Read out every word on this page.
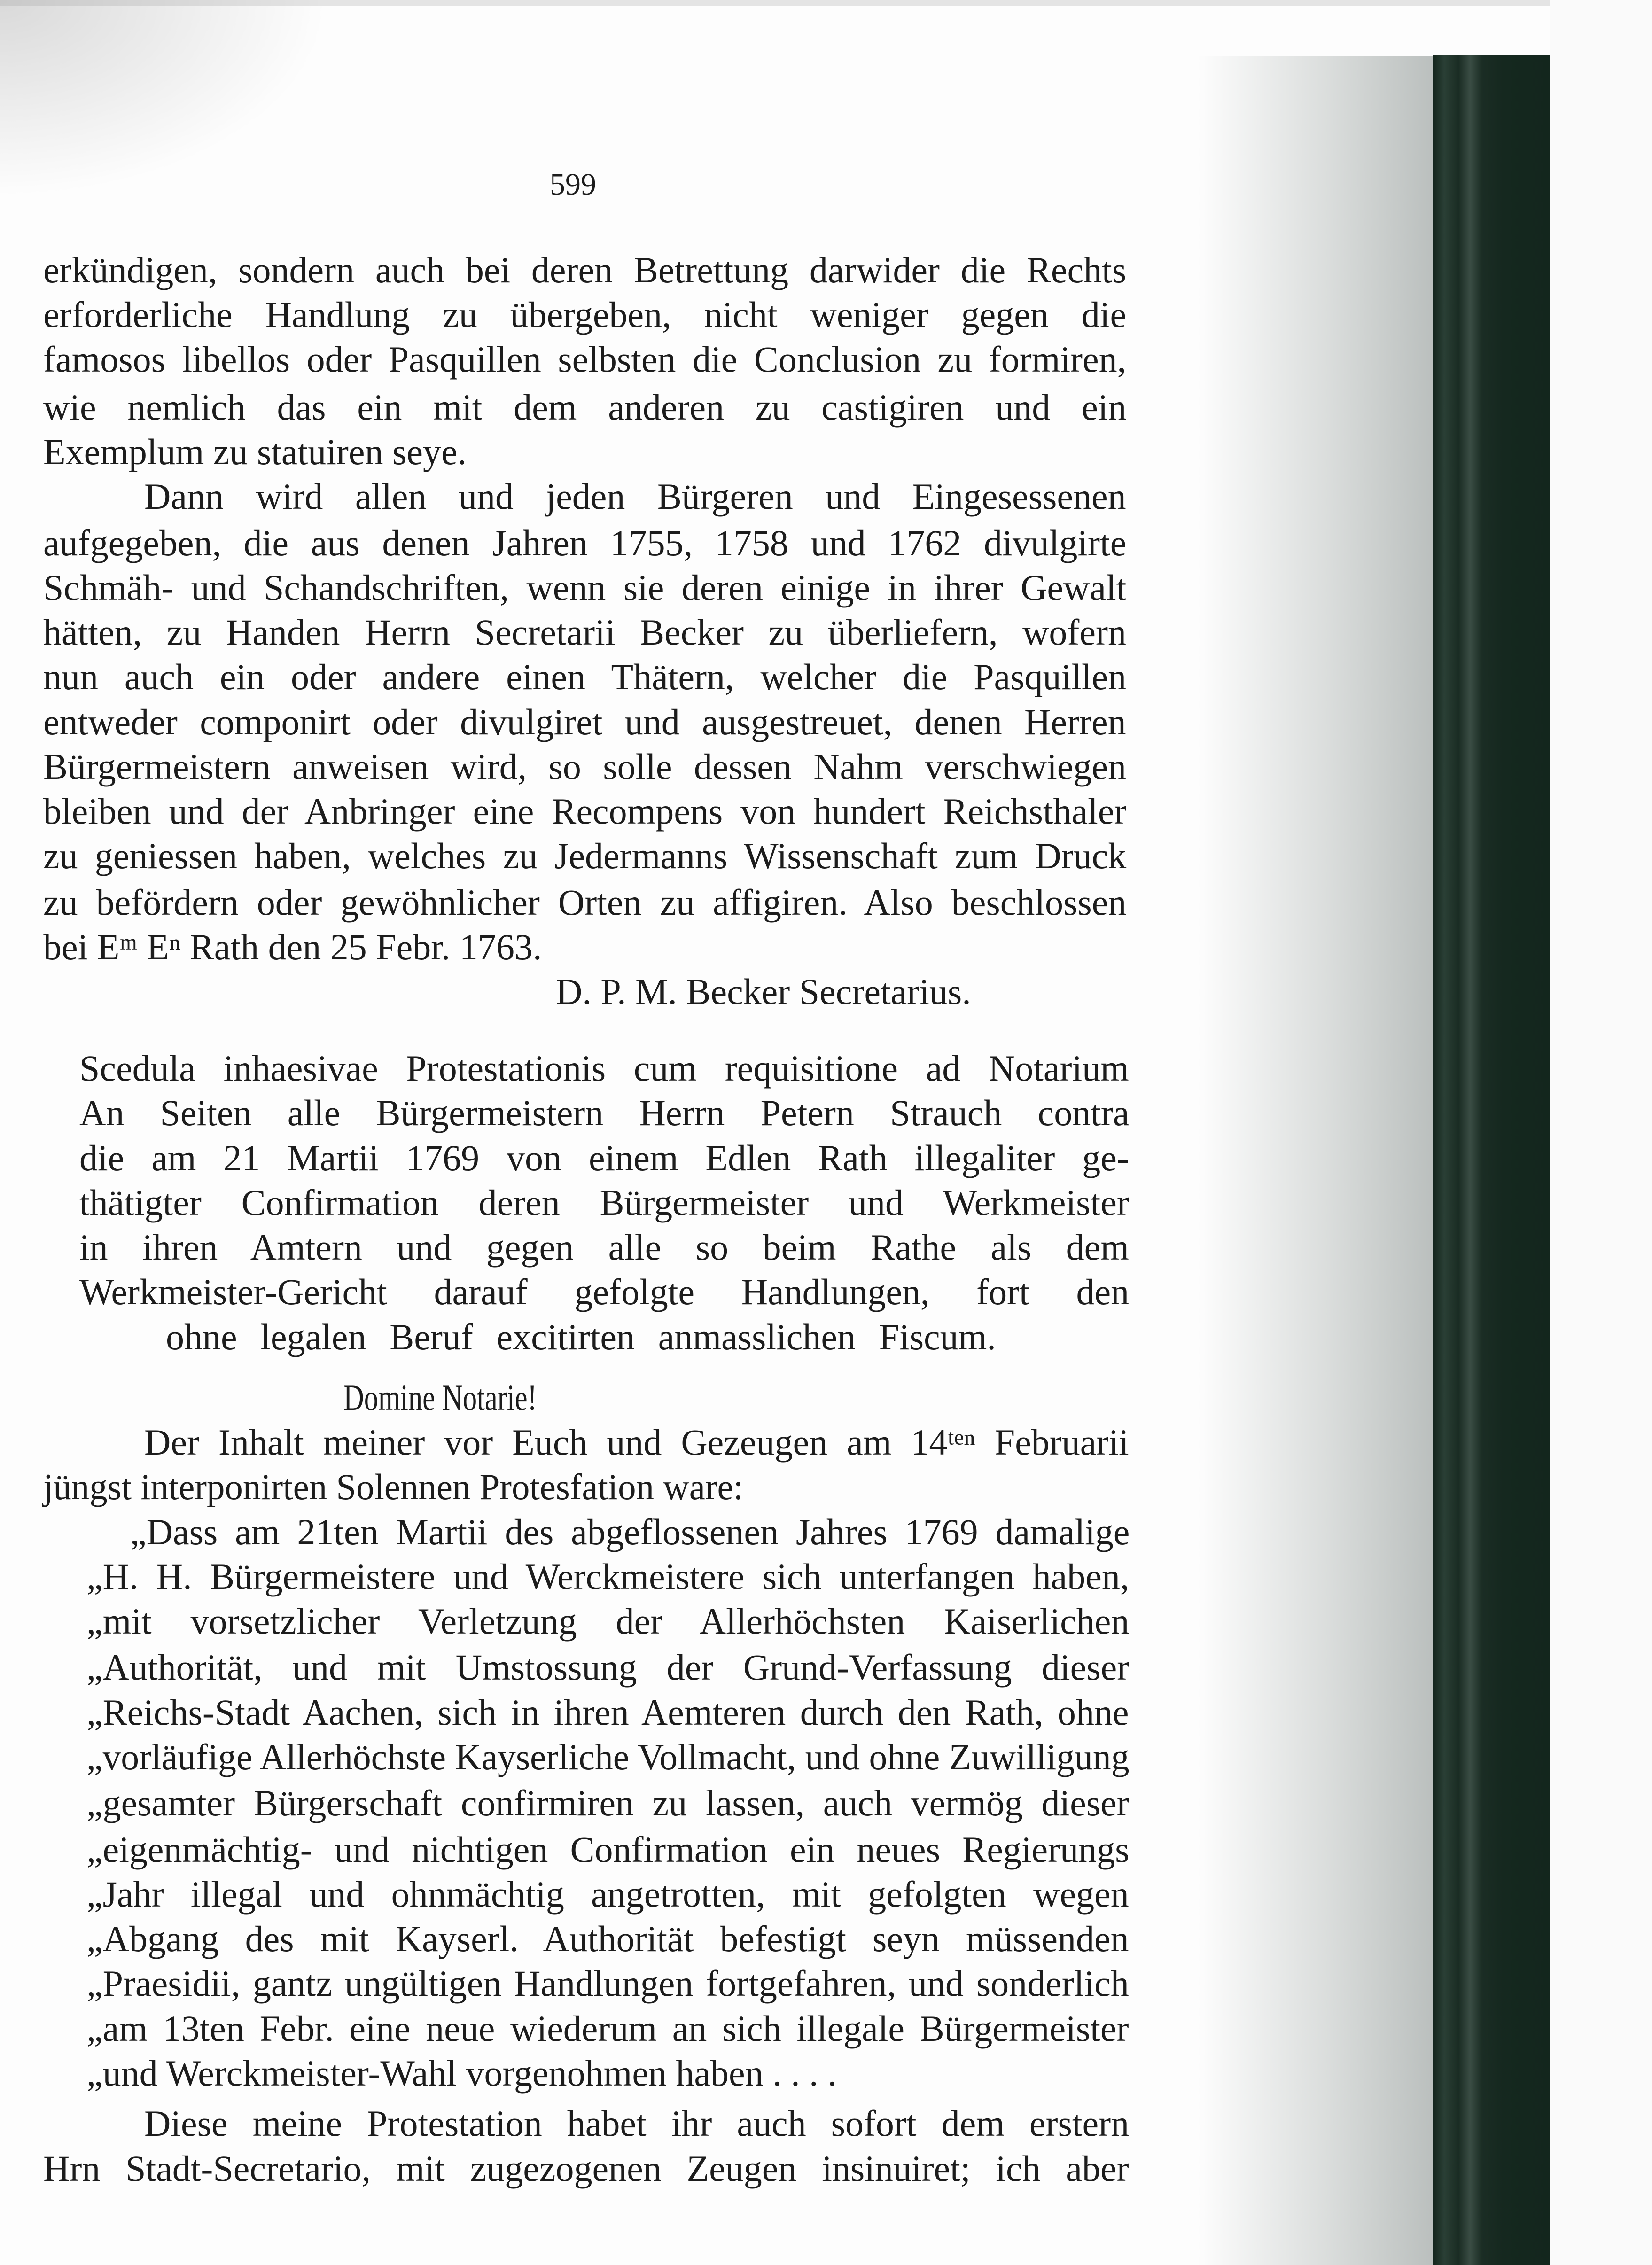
599
erkündigen, sondern auch bei deren Betrettung darwider die Rechts
erforderliche Handlung zu übergeben, nicht weniger gegen die
famosos libellos oder Pasquillen selbsten die Conclusion zu formiren,
wie nemlich das ein mit dem anderen zu castigiren und ein
Exemplum zu statuiren seye.
Dann wird allen und jeden Bürgeren und Eingesessenen
aufgegeben, die aus denen Jahren 1755, 1758 und 1762 divulgirte
Schmäh- und Schandschriften, wenn sie deren einige in ihrer Gewalt
hätten, zu Handen Herrn Secretarii Becker zu überliefern, wofern
nun auch ein oder andere einen Thätern, welcher die Pasquillen
entweder componirt oder divulgiret und ausgestreuet, denen Herren
Bürgermeistern anweisen wird, so solle dessen Nahm verschwiegen
bleiben und der Anbringer eine Recompens von hundert Reichsthaler
zu geniessen haben, welches zu Jedermanns Wissenschaft zum Druck
zu befördern oder gewöhnlicher Orten zu affigiren. Also beschlossen
bei Eᵐ Eⁿ Rath den 25 Febr. 1763.
D. P. M. Becker Secretarius.
Scedula inhaesivae Protestationis cum requisitione ad Notarium
An Seiten alle Bürgermeistern Herrn Petern Strauch contra
die am 21 Martii 1769 von einem Edlen Rath illegaliter ge-
thätigter Confirmation deren Bürgermeister und Werkmeister
in ihren Amtern und gegen alle so beim Rathe als dem
Werkmeister-Gericht darauf gefolgte Handlungen, fort den
ohne legalen Beruf excitirten anmasslichen Fiscum.
Domine Notarie!
Der Inhalt meiner vor Euch und Gezeugen am 14ᵗᵉⁿ Februarii
jüngst interponirten Solennen Protesfation ware:
„Dass am 21ten Martii des abgeflossenen Jahres 1769 damalige
„H. H. Bürgermeistere und Werckmeistere sich unterfangen haben,
„mit vorsetzlicher Verletzung der Allerhöchsten Kaiserlichen
„Authorität, und mit Umstossung der Grund-Verfassung dieser
„Reichs-Stadt Aachen, sich in ihren Aemteren durch den Rath, ohne
„vorläufige Allerhöchste Kayserliche Vollmacht, und ohne Zuwilligung
„gesamter Bürgerschaft confirmiren zu lassen, auch vermög dieser
„eigenmächtig- und nichtigen Confirmation ein neues Regierungs
„Jahr illegal und ohnmächtig angetrotten, mit gefolgten wegen
„Abgang des mit Kayserl. Authorität befestigt seyn müssenden
„Praesidii, gantz ungültigen Handlungen fortgefahren, und sonderlich
„am 13ten Febr. eine neue wiederum an sich illegale Bürgermeister
„und Werckmeister-Wahl vorgenohmen haben . . . .
Diese meine Protestation habet ihr auch sofort dem erstern
Hrn Stadt-Secretario, mit zugezogenen Zeugen insinuiret; ich aber
